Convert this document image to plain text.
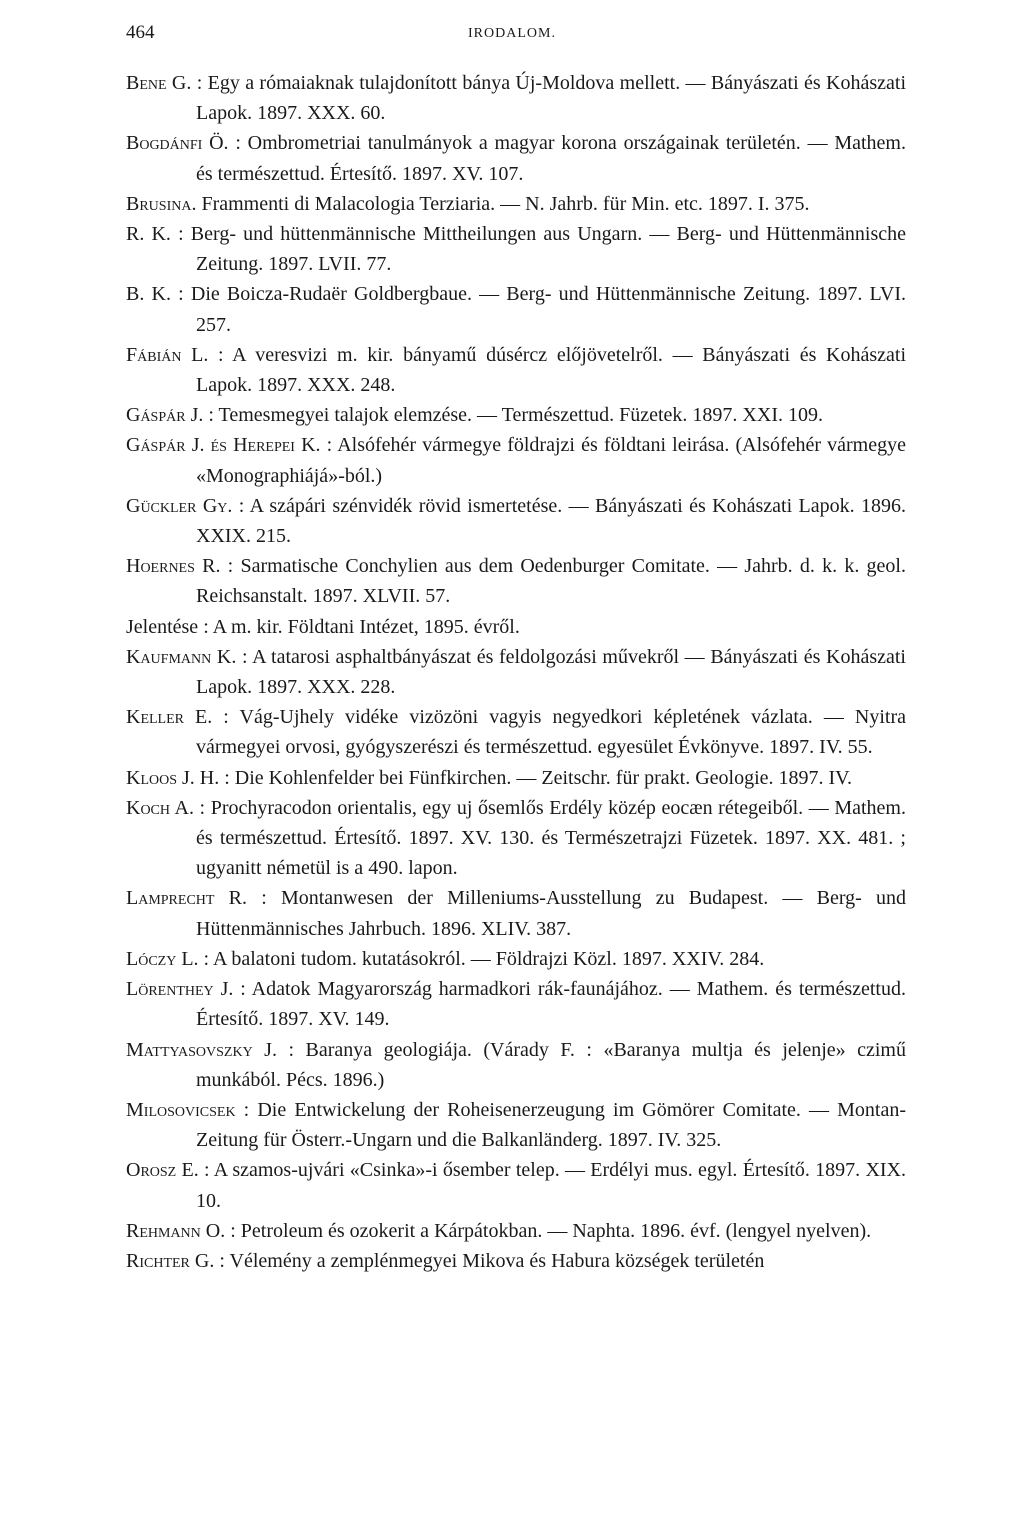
464	IRODALOM.

Bene G. : Egy a rómaiaknak tulajdonított bánya Új-Moldova mellett. — Bányászati és Kohászati Lapok. 1897. XXX. 60.

Bogdánfi Ö. : Ombrometriai tanulmányok a magyar korona országainak területén. — Mathem. és természettud. Értesítő. 1897. XV. 107.

Brusina. Frammenti di Malacologia Terziaria. — N. Jahrb. für Min. etc. 1897. I. 375.

R. K. : Berg- und hüttenmännische Mittheilungen aus Ungarn. — Berg- und Hüttenmännische Zeitung. 1897. LVII. 77.

B. K. : Die Boicza-Rudaër Goldbergbaue. — Berg- und Hüttenmännische Zeitung. 1897. LVI. 257.

Fábián L. : A veresvizi m. kir. bányamű dúsércz előjövetelről. — Bányászati és Kohászati Lapok. 1897. XXX. 248.

Gáspár J. : Temesmegyei talajok elemzése. — Természettud. Füzetek. 1897. XXI. 109.

Gáspár J. és Herepei K. : Alsófehér vármegye földrajzi és földtani leirása. (Alsófehér vármegye «Monographiájá»-ból.)

Gückler Gy. : A szápári szénvidék rövid ismertetése. — Bányászati és Kohászati Lapok. 1896. XXIX. 215.

Hoernes R. : Sarmatische Conchylien aus dem Oedenburger Comitate. — Jahrb. d. k. k. geol. Reichsanstalt. 1897. XLVII. 57.

Jelentése : A m. kir. Földtani Intézet, 1895. évről.

Kaufmann K. : A tatarosi asphaltbányászat és feldolgozási művekről — Bányászati és Kohászati Lapok. 1897. XXX. 228.

Keller E. : Vág-Ujhely vidéke vizözöni vagyis negyedkori képletének vázlata. — Nyitra vármegyei orvosi, gyógyszerészi és természettud. egyesület Évkönyve. 1897. IV. 55.

Kloos J. H. : Die Kohlenfelder bei Fünfkirchen. — Zeitschr. für prakt. Geologie. 1897. IV.

Koch A. : Prochyracodon orientalis, egy uj ősemlős Erdély közép eocæn rétegeiből. — Mathem. és természettud. Értesítő. 1897. XV. 130. és Természetrajzi Füzetek. 1897. XX. 481. ; ugyanitt németül is a 490. lapon.

Lamprecht R. : Montanwesen der Milleniums-Ausstellung zu Budapest. — Berg- und Hüttenmännisches Jahrbuch. 1896. XLIV. 387.

Lóczy L. : A balatoni tudom. kutatásokról. — Földrajzi Közl. 1897. XXIV. 284.

Lörenthey J. : Adatok Magyarország harmadkori rák-faunájához. — Mathem. és természettud. Értesítő. 1897. XV. 149.

Mattyasovszky J. : Baranya geologiája. (Várady F. : «Baranya multja és jelenje» czimű munkából. Pécs. 1896.)

Milosovicsek : Die Entwickelung der Roheisenerzeugung im Gömörer Comitate. — Montan-Zeitung für Österr.-Ungarn und die Balkanländerg. 1897. IV. 325.

Orosz E. : A szamos-ujvári «Csinka»-i ősember telep. — Erdélyi mus. egyl. Értesítő. 1897. XIX. 10.

Rehmann O. : Petroleum és ozokerit a Kárpátokban. — Naphta. 1896. évf. (lengyel nyelven).

Richter G. : Vélemény a zemplénmegyei Mikova és Habura községek területén
